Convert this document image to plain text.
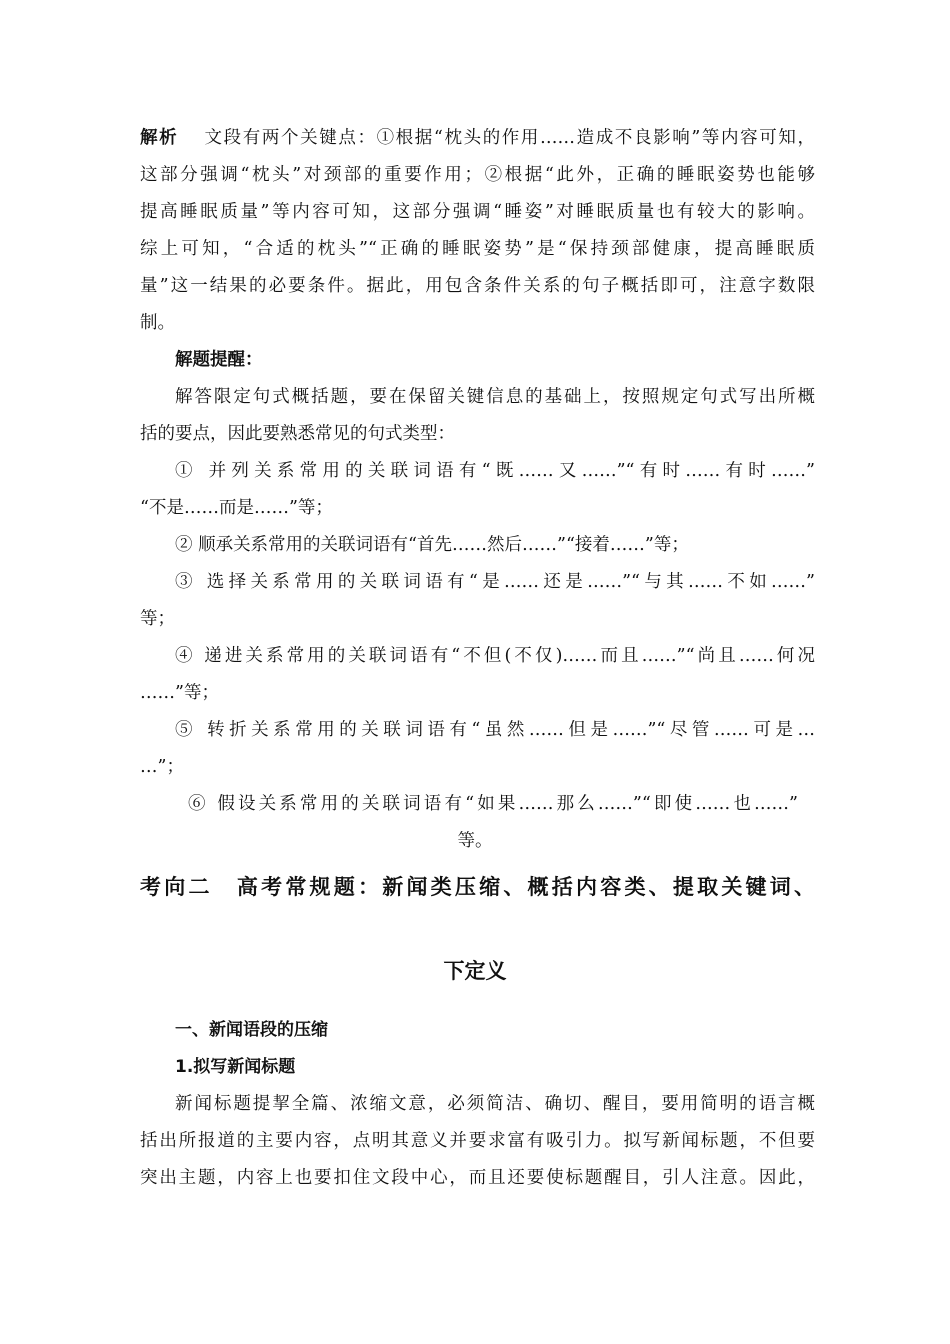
解析　 文段有两个关键点：①根据“枕头的作用……造成不良影响”等内容可知，
这部分强调“枕头”对颈部的重要作用；②根据“此外，正确的睡眠姿势也能够
提高睡眠质量”等内容可知，这部分强调“睡姿”对睡眠质量也有较大的影响。
综上可知，“合适的枕头”“正确的睡眠姿势”是“保持颈部健康，提高睡眠质
量”这一结果的必要条件。据此，用包含条件关系的句子概括即可，注意字数限
制。
解题提醒：
解答限定句式概括题，要在保留关键信息的基础上，按照规定句式写出所概
括的要点，因此要熟悉常见的句式类型：
① 并列关系常用的关联词语有“既……又……”“有时……有时……”
“不是……而是……”等；
② 顺承关系常用的关联词语有“首先……然后……”“接着……”等；
③ 选择关系常用的关联词语有“是……还是……”“与其……不如……”
等；
④ 递进关系常用的关联词语有“不但(不仅)……而且……”“尚且……何况
……”等；
⑤ 转折关系常用的关联词语有“虽然……但是……”“尽管……可是…
…”；
⑥ 假设关系常用的关联词语有“如果……那么……”“即使……也……”
等。
考向二　高考常规题：新闻类压缩、概括内容类、提取关键词、
下定义
一、新闻语段的压缩
1.拟写新闻标题
新闻标题提挈全篇、浓缩文意，必须简洁、确切、醒目，要用简明的语言概
括出所报道的主要内容，点明其意义并要求富有吸引力。拟写新闻标题，不但要
突出主题，内容上也要扣住文段中心，而且还要使标题醒目，引人注意。因此，
